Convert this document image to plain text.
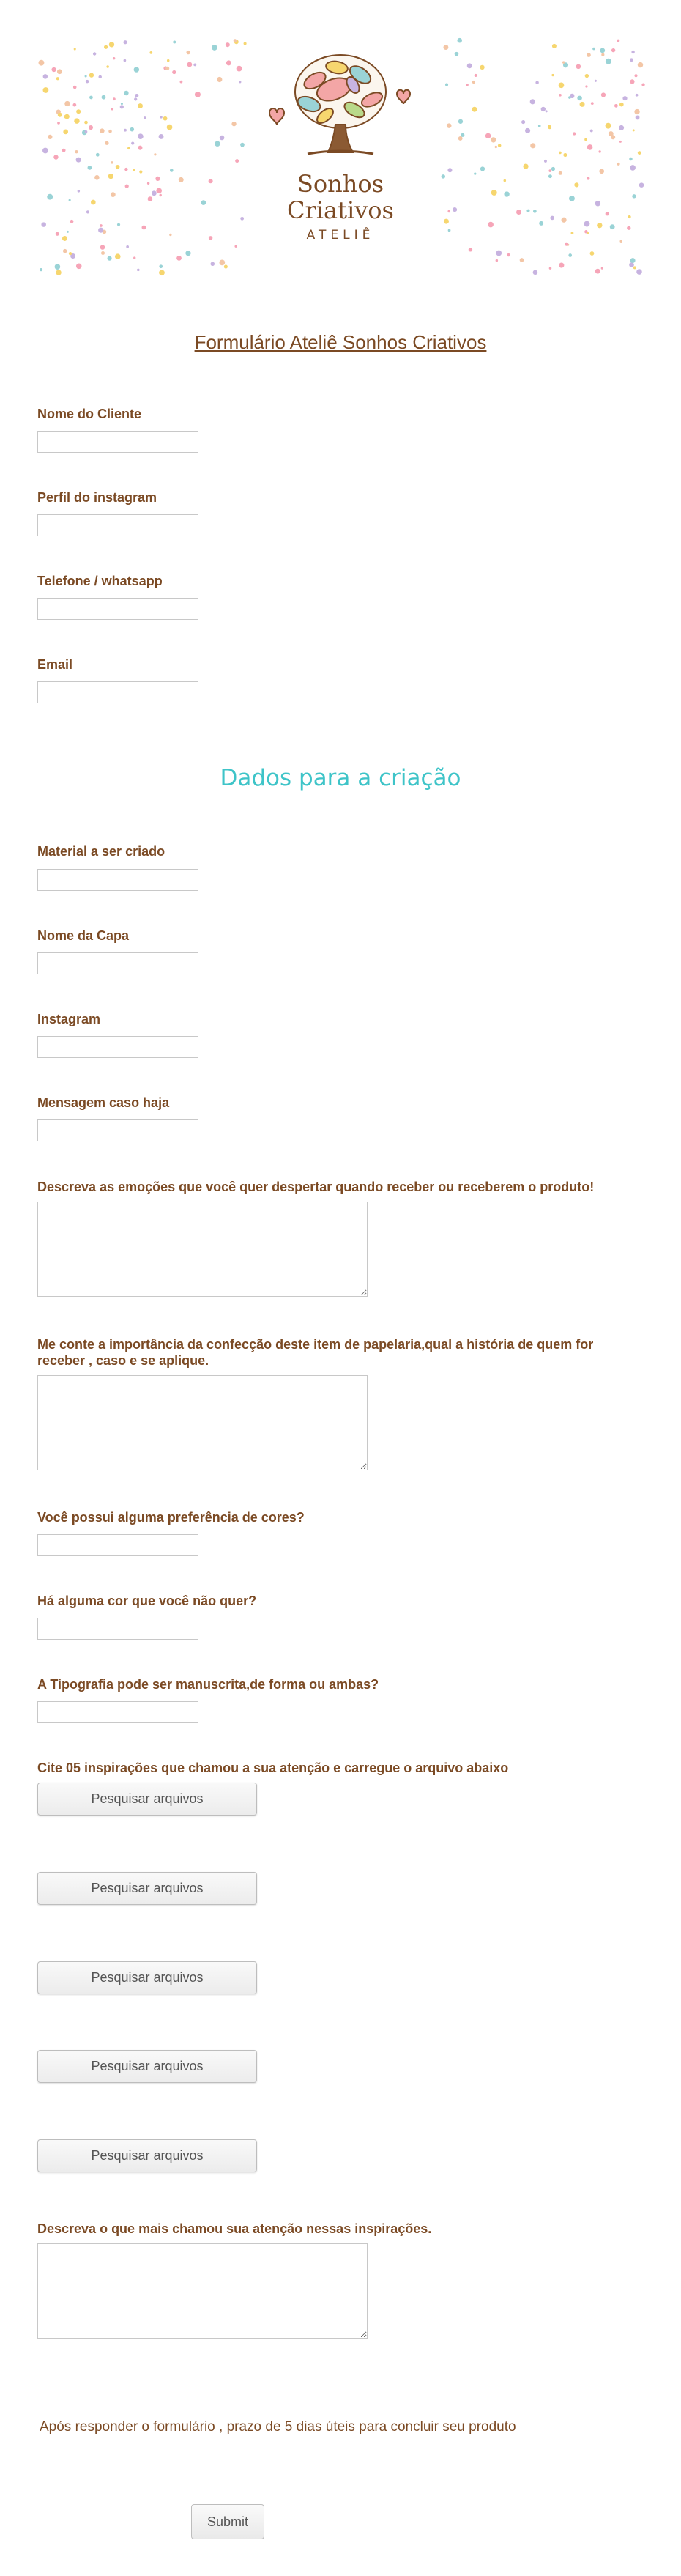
Sonhos
Criativos
ATELIÊ
Formulário Ateliê Sonhos Criativos
Nome do Cliente
Perfil do instagram
Telefone / whatsapp
Email
Dados para a criação
Material a ser criado
Nome da Capa
Instagram
Mensagem caso haja
Descreva as emoções que você quer despertar quando receber ou receberem o produto!
Me conte a importância da confecção deste item de papelaria,qual a história de quem for receber , caso e se aplique.
Você possui alguma preferência de cores?
Há alguma cor que você não quer?
A Tipografia pode ser manuscrita,de forma ou ambas?
Cite 05 inspirações que chamou a sua atenção e carregue o arquivo abaixo
Pesquisar arquivos
Pesquisar arquivos
Pesquisar arquivos
Pesquisar arquivos
Pesquisar arquivos
Descreva o que mais chamou sua atenção nessas inspirações.
Após responder o formulário , prazo de 5 dias úteis para concluir seu produto
Submit
